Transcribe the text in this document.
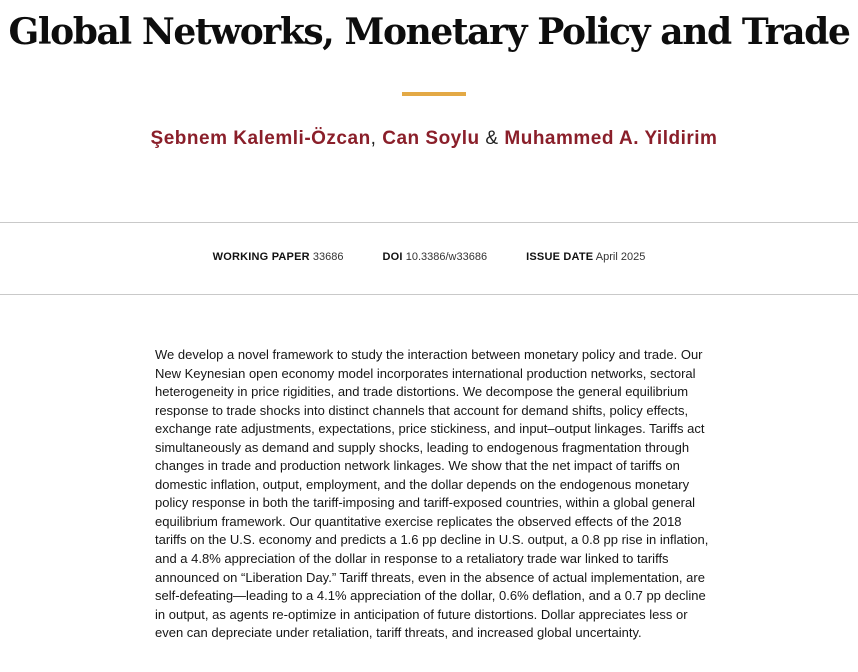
Global Networks, Monetary Policy and Trade
Şebnem Kalemli-Özcan, Can Soylu & Muhammed A. Yildirim
WORKING PAPER 33686	DOI 10.3386/w33686	ISSUE DATE April 2025

We develop a novel framework to study the interaction between monetary policy and trade. Our New Keynesian open economy model incorporates international production networks, sectoral heterogeneity in price rigidities, and trade distortions. We decompose the general equilibrium response to trade shocks into distinct channels that account for demand shifts, policy effects, exchange rate adjustments, expectations, price stickiness, and input–output linkages. Tariffs act simultaneously as demand and supply shocks, leading to endogenous fragmentation through changes in trade and production network linkages. We show that the net impact of tariffs on domestic inflation, output, employment, and the dollar depends on the endogenous monetary policy response in both the tariff-imposing and tariff-exposed countries, within a global general equilibrium framework. Our quantitative exercise replicates the observed effects of the 2018 tariffs on the U.S. economy and predicts a 1.6 pp decline in U.S. output, a 0.8 pp rise in inflation, and a 4.8% appreciation of the dollar in response to a retaliatory trade war linked to tariffs announced on “Liberation Day.” Tariff threats, even in the absence of actual implementation, are self-defeating—leading to a 4.1% appreciation of the dollar, 0.6% deflation, and a 0.7 pp decline in output, as agents re-optimize in anticipation of future distortions. Dollar appreciates less or even can depreciate under retaliation, tariff threats, and increased global uncertainty.
